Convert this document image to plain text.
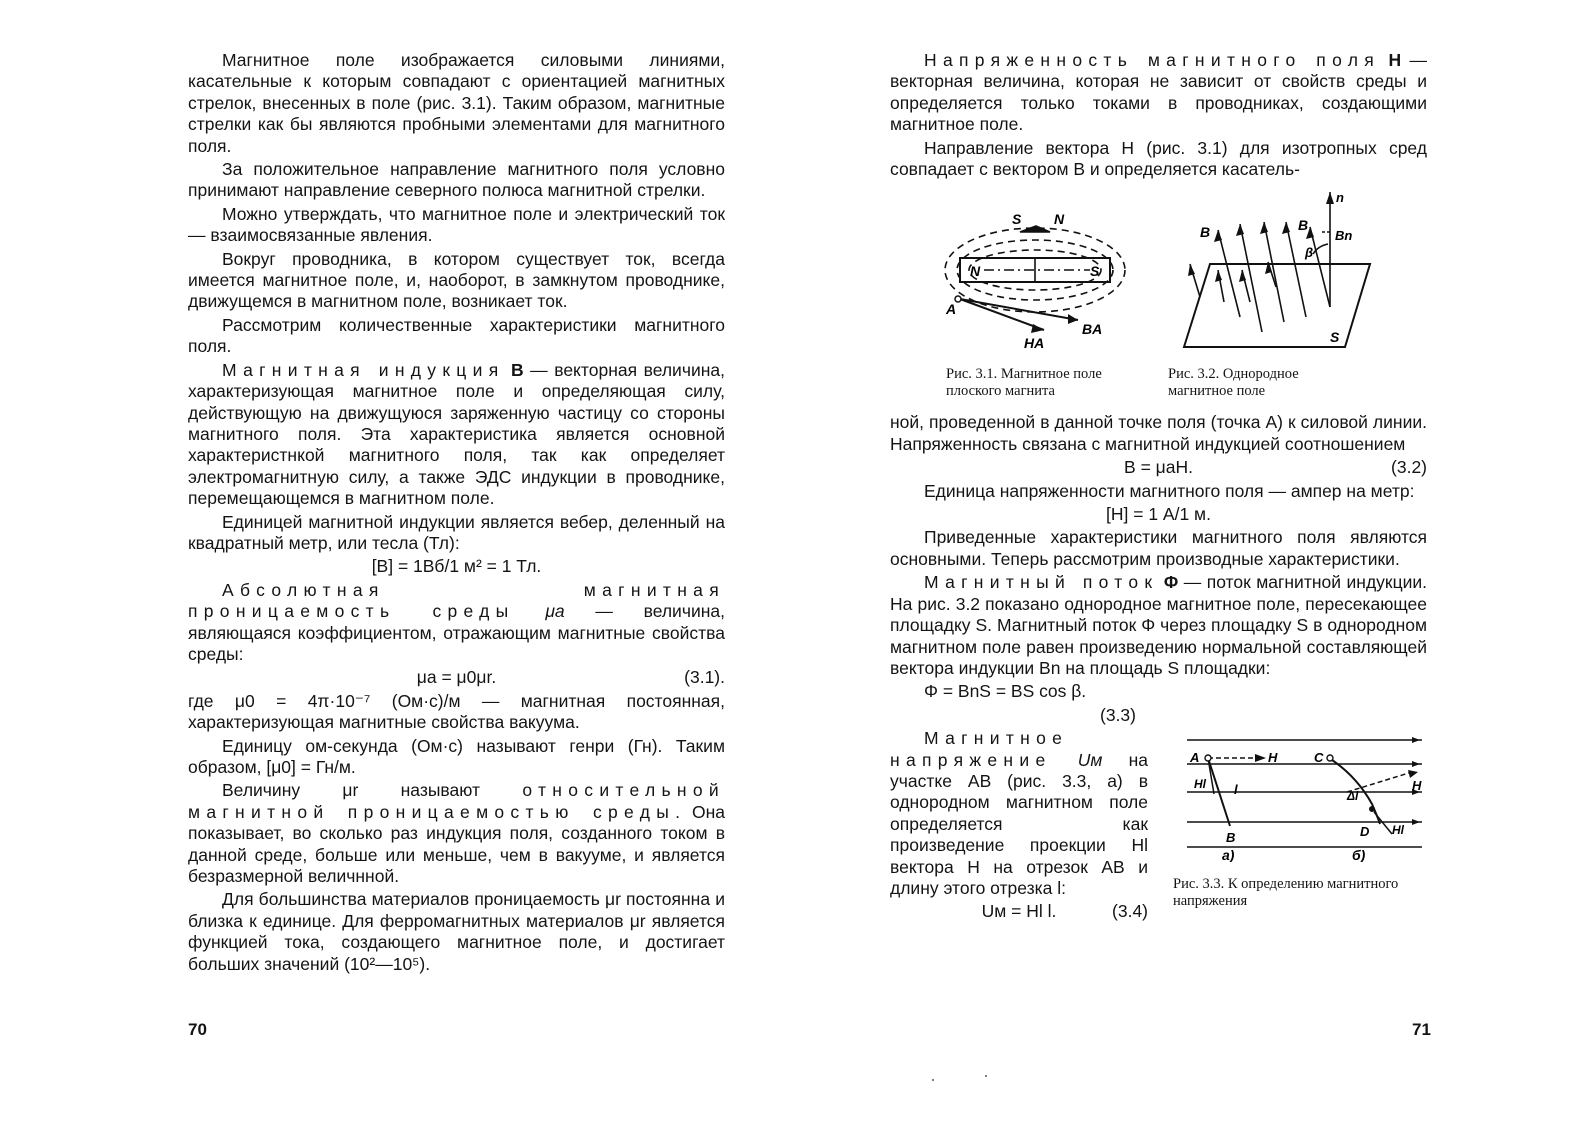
Магнитное поле изображается силовыми линиями, касательные к которым совпадают с ориентацией магнитных стрелок, внесенных в поле (рис. 3.1). Таким образом, магнитные стрелки как бы являются пробными элементами для магнитного поля.

За положительное направление магнитного поля условно принимают направление северного полюса магнитной стрелки.

Можно утверждать, что магнитное поле и электрический ток — взаимосвязанные явления.

Вокруг проводника, в котором существует ток, всегда имеется магнитное поле, и, наоборот, в замкнутом проводнике, движущемся в магнитном поле, возникает ток.

Рассмотрим количественные характеристики магнитного поля.

Магнитная индукция B — векторная величина, характеризующая магнитное поле и определяющая силу, действующую на движущуюся заряженную частицу со стороны магнитного поля. Эта характеристика является основной характеристнкой магнитного поля, так как определяет электромагнитную силу, а также ЭДС индукции в проводнике, перемещающемся в магнитном поле.

Единицей магнитной индукции является вебер, деленный на квадратный метр, или тесла (Тл):

[B] = 1Вб/1 м² = 1 Тл.

Абсолютная магнитная проницаемость среды μа — величина, являющаяся коэффициентом, отражающим магнитные свойства среды:

μа = μ0μr.	(3.1).

где μ0 = 4π·10⁻⁷ (Ом·с)/м — магнитная постоянная, характеризующая магнитные свойства вакуума.

Единицу ом-секунда (Ом·с) называют генри (Гн). Таким образом, [μ0] = Гн/м.

Величину μr называют относительной магнитной проницаемостью среды. Она показывает, во сколько раз индукция поля, созданного током в данной среде, больше или меньше, чем в вакууме, и является безразмерной величнной.

Для большинства материалов проницаемость μr постоянна и близка к единице. Для ферромагнитных материалов μr является функцией тока, создающего магнитное поле, и достигает больших значений (10²—10⁵).

70

Напряженность магнитного поля H — векторная величина, которая не зависит от свойств среды и определяется только токами в проводниках, создающими магнитное поле.

Направление вектора H (рис. 3.1) для изотропных сред совпадает с вектором B и определяется касатель-

S N
N	S
A
HA
BA
B	B
Bn
n
β
S
Рис. 3.1. Магнитное поле плоского магнита
Рис. 3.2. Однородное магнитное поле

ной, проведенной в данной точке поля (точка A) к силовой линии. Напряженность связана с магнитной индукцией соотношением

B = μаH.	(3.2)

Единица напряженности магнитного поля — ампер на метр:

[H] = 1 А/1 м.

Приведенные характеристики магнитного поля являются основными. Теперь рассмотрим производные характеристики.

Магнитный поток Φ — поток магнитной индукции. На рис. 3.2 показано однородное магнитное поле, пересекающее площадку S. Магнитный поток Φ через площадку S в однородном магнитном поле равен произведению нормальной составляющей вектора индукции Bn на площадь S площадки:

Φ = BnS = BS cos β.
(3.3)

Магнитное напряжение Uм на участке AB (рис. 3.3, а) в однородном магнитном поле определяется как произведение проекции Hl вектора H на отрезок AB и длину этого отрезка l:

Uм = Hl l.	(3.4)
A	H
Hl l
B
C
Δl
H
D Hl
а)	б)
Рис. 3.3. К определению магнитного напряжения
71
